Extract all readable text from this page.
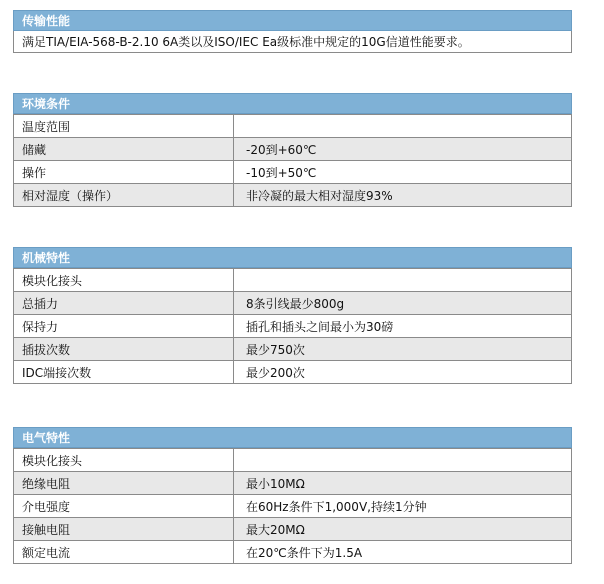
传输性能
满足TIA/EIA-568-B-2.10 6A类以及ISO/IEC Ea级标准中规定的10G信道性能要求。
环境条件
温度范围	
储藏	-20到+60℃
操作	-10到+50℃
相对湿度（操作）	非冷凝的最大相对湿度93%
机械特性
模块化接头	
总插力	8条引线最少800g
保持力	插孔和插头之间最小为30磅
插拔次数	最少750次
IDC端接次数	最少200次
电气特性
模块化接头	
绝缘电阻	最小10MΩ
介电强度	在60Hz条件下1,000V,持续1分钟
接触电阻	最大20MΩ
额定电流	在20℃条件下为1.5A
